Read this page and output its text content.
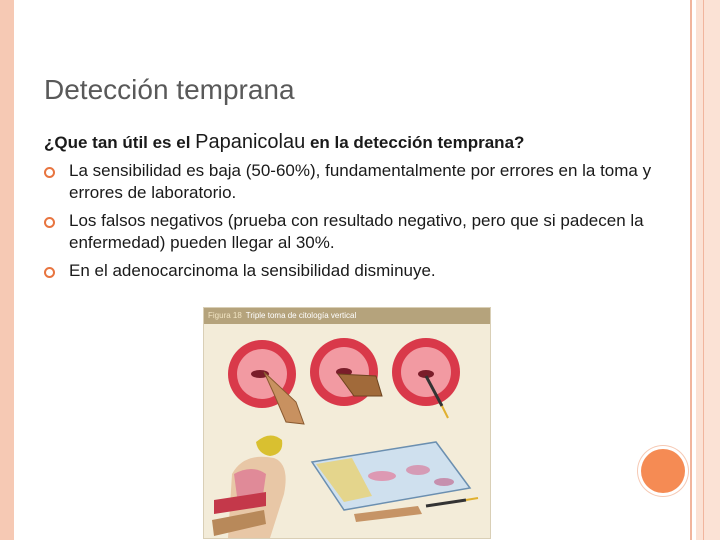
Detección temprana
¿Que tan útil es el Papanicolau en la detección temprana?
La sensibilidad es baja (50-60%), fundamentalmente por errores en la toma y errores de laboratorio.
Los falsos negativos (prueba con resultado negativo, pero que si padecen la enfermedad) pueden llegar al 30%.
En el adenocarcinoma la sensibilidad disminuye.
Figura 18 Triple toma de citología vertical
